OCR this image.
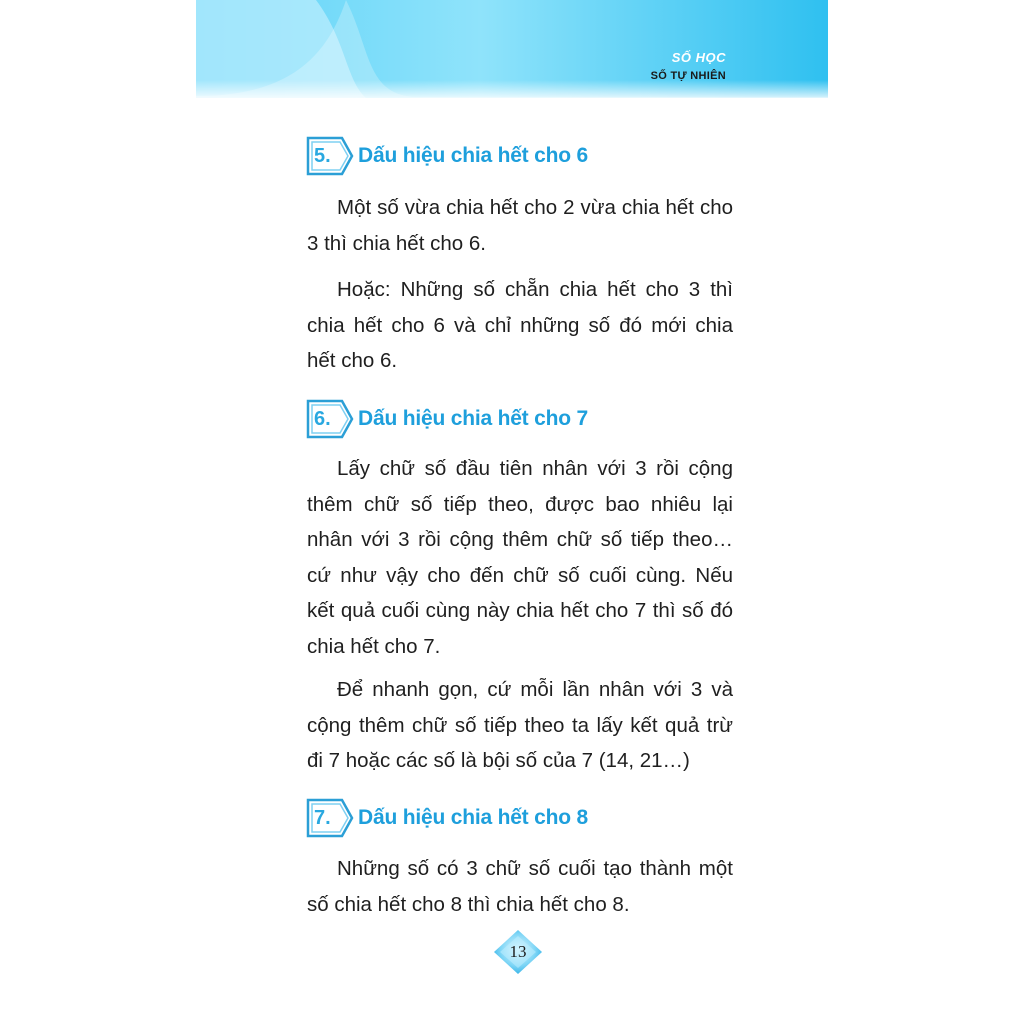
SỐ HỌC
SỐ TỰ NHIÊN
5. Dấu hiệu chia hết cho 6

Một số vừa chia hết cho 2 vừa chia hết cho 3 thì chia hết cho 6.

Hoặc: Những số chẵn chia hết cho 3 thì chia hết cho 6 và chỉ những số đó mới chia hết cho 6.

6. Dấu hiệu chia hết cho 7

Lấy chữ số đầu tiên nhân với 3 rồi cộng thêm chữ số tiếp theo, được bao nhiêu lại nhân với 3 rồi cộng thêm chữ số tiếp theo… cứ như vậy cho đến chữ số cuối cùng. Nếu kết quả cuối cùng này chia hết cho 7 thì số đó chia hết cho 7.

Để nhanh gọn, cứ mỗi lần nhân với 3 và cộng thêm chữ số tiếp theo ta lấy kết quả trừ đi 7 hoặc các số là bội số của 7 (14, 21…)

7. Dấu hiệu chia hết cho 8

Những số có 3 chữ số cuối tạo thành một số chia hết cho 8 thì chia hết cho 8.

13
